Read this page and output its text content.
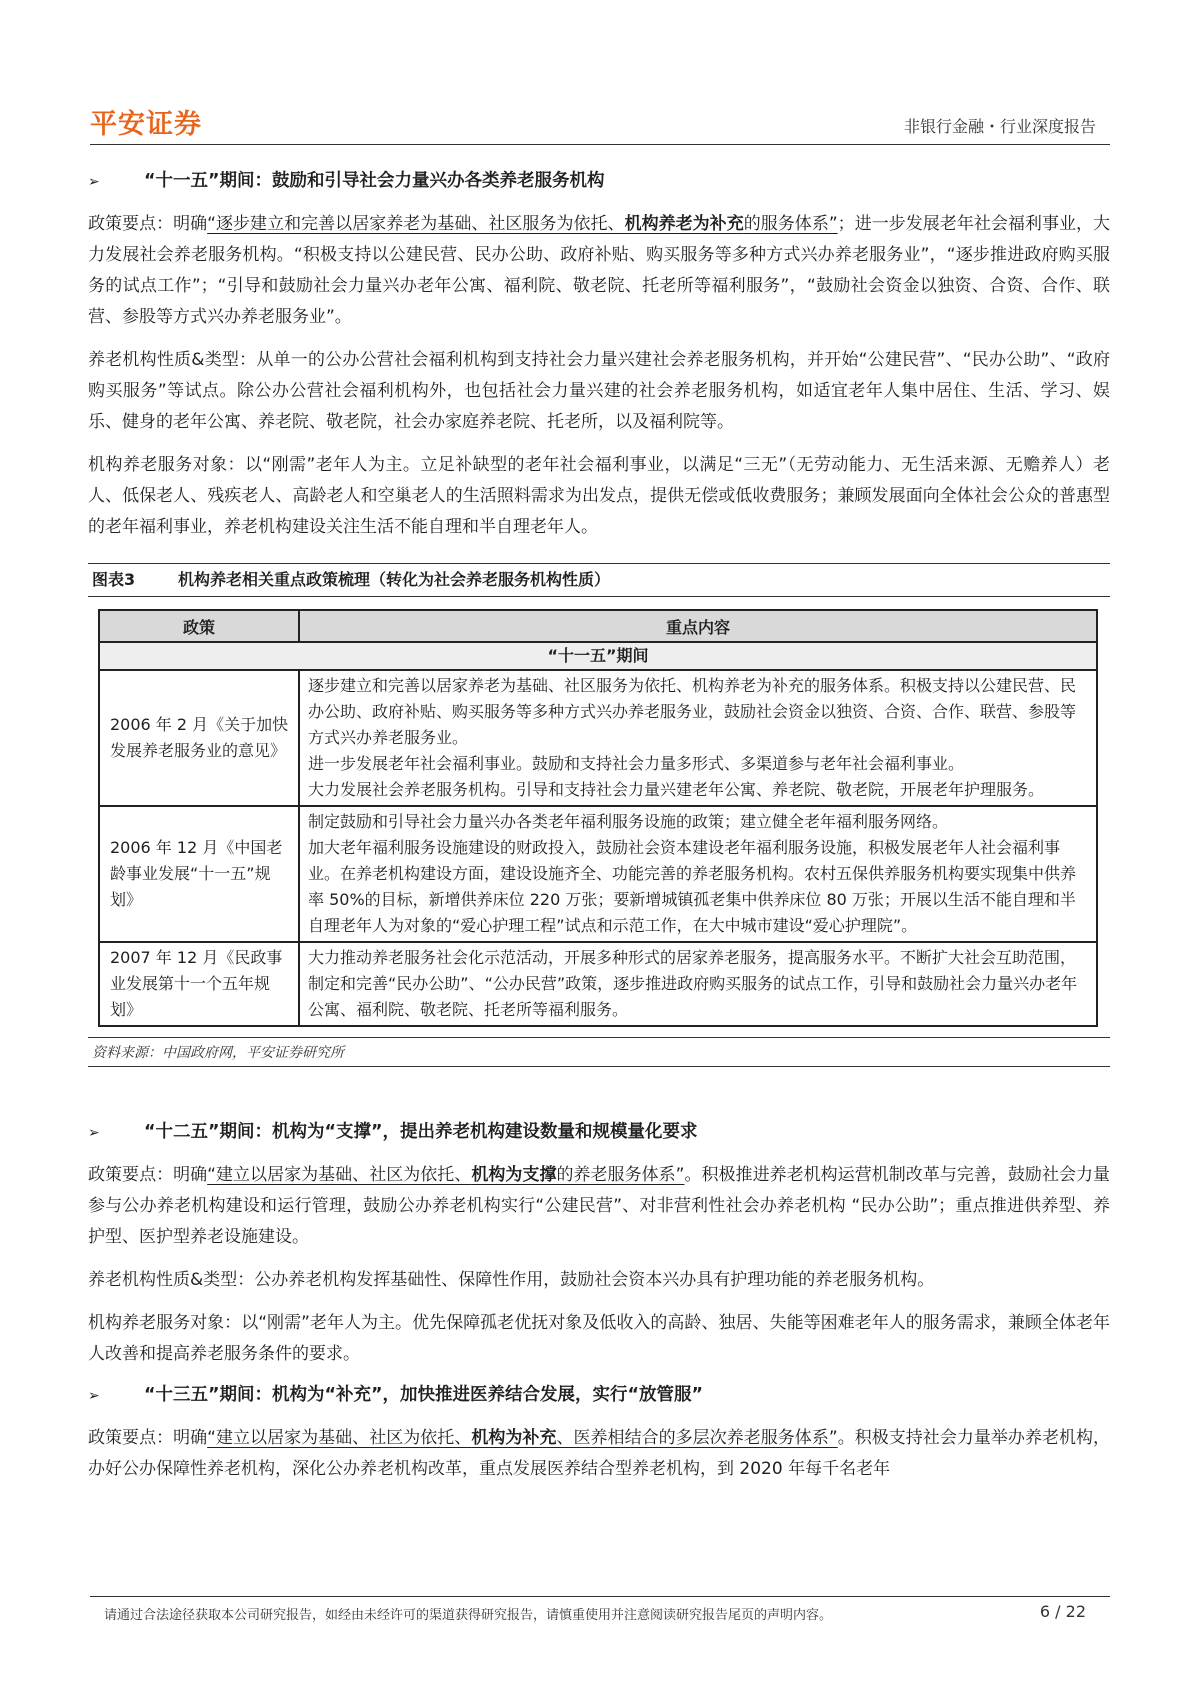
平安证券	非银行金融・行业深度报告
➢	“十一五”期间：鼓励和引导社会力量兴办各类养老服务机构

政策要点：明确“逐步建立和完善以居家养老为基础、社区服务为依托、机构养老为补充的服务体系”；进一步发展老年社会福利事业，大力发展社会养老服务机构。“积极支持以公建民营、民办公助、政府补贴、购买服务等多种方式兴办养老服务业”，“逐步推进政府购买服务的试点工作”；“引导和鼓励社会力量兴办老年公寓、福利院、敬老院、托老所等福利服务”，“鼓励社会资金以独资、合资、合作、联营、参股等方式兴办养老服务业”。

养老机构性质&类型：从单一的公办公营社会福利机构到支持社会力量兴建社会养老服务机构，并开始“公建民营”、“民办公助”、“政府购买服务”等试点。除公办公营社会福利机构外，也包括社会力量兴建的社会养老服务机构，如适宜老年人集中居住、生活、学习、娱乐、健身的老年公寓、养老院、敬老院，社会办家庭养老院、托老所，以及福利院等。

机构养老服务对象：以“刚需”老年人为主。立足补缺型的老年社会福利事业，以满足“三无”（无劳动能力、无生活来源、无赡养人）老人、低保老人、残疾老人、高龄老人和空巢老人的生活照料需求为出发点，提供无偿或低收费服务；兼顾发展面向全体社会公众的普惠型的老年福利事业，养老机构建设关注生活不能自理和半自理老年人。

图表3	机构养老相关重点政策梳理（转化为社会养老服务机构性质）
政策	重点内容
“十一五”期间	
2006 年 2 月《关于加快发展养老服务业的意见》	逐步建立和完善以居家养老为基础、社区服务为依托、机构养老为补充的服务体系。积极支持以公建民营、民办公助、政府补贴、购买服务等多种方式兴办养老服务业，鼓励社会资金以独资、合资、合作、联营、参股等方式兴办养老服务业。
进一步发展老年社会福利事业。鼓励和支持社会力量多形式、多渠道参与老年社会福利事业。
大力发展社会养老服务机构。引导和支持社会力量兴建老年公寓、养老院、敬老院，开展老年护理服务。

2006 年 12 月《中国老龄事业发展“十一五”规划》	制定鼓励和引导社会力量兴办各类老年福利服务设施的政策；建立健全老年福利服务网络。
加大老年福利服务设施建设的财政投入，鼓励社会资本建设老年福利服务设施，积极发展老年人社会福利事业。在养老机构建设方面，建设设施齐全、功能完善的养老服务机构。农村五保供养服务机构要实现集中供养率 50%的目标，新增供养床位 220 万张；要新增城镇孤老集中供养床位 80 万张；开展以生活不能自理和半自理老年人为对象的“爱心护理工程”试点和示范工作，在大中城市建设“爱心护理院”。

2007 年 12 月《民政事业发展第十一个五年规划》	大力推动养老服务社会化示范活动，开展多种形式的居家养老服务，提高服务水平。不断扩大社会互助范围，制定和完善“民办公助”、“公办民营”政策，逐步推进政府购买服务的试点工作，引导和鼓励社会力量兴办老年公寓、福利院、敬老院、托老所等福利服务。
资料来源：中国政府网，平安证券研究所
➢	“十二五”期间：机构为“支撑”，提出养老机构建设数量和规模量化要求

政策要点：明确“建立以居家为基础、社区为依托、机构为支撑的养老服务体系”。积极推进养老机构运营机制改革与完善，鼓励社会力量参与公办养老机构建设和运行管理，鼓励公办养老机构实行“公建民营”、对非营利性社会办养老机构 “民办公助”；重点推进供养型、养护型、医护型养老设施建设。

养老机构性质&类型：公办养老机构发挥基础性、保障性作用，鼓励社会资本兴办具有护理功能的养老服务机构。

机构养老服务对象：以“刚需”老年人为主。优先保障孤老优抚对象及低收入的高龄、独居、失能等困难老年人的服务需求，兼顾全体老年人改善和提高养老服务条件的要求。

➢	“十三五”期间：机构为“补充”，加快推进医养结合发展，实行“放管服”

政策要点：明确“建立以居家为基础、社区为依托、机构为补充、医养相结合的多层次养老服务体系”。积极支持社会力量举办养老机构，办好公办保障性养老机构，深化公办养老机构改革，重点发展医养结合型养老机构，到 2020 年每千名老年

请通过合法途径获取本公司研究报告，如经由未经许可的渠道获得研究报告，请慎重使用并注意阅读研究报告尾页的声明内容。	6 / 22
